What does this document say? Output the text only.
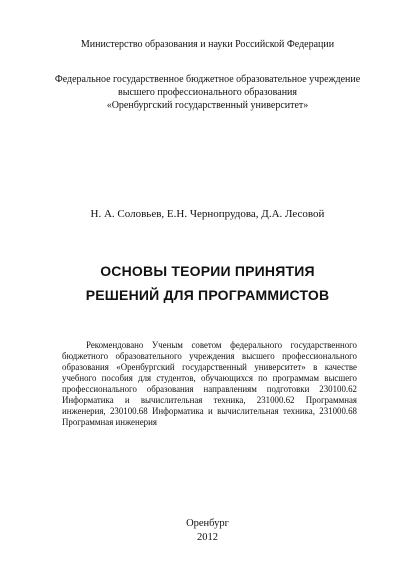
Министерство образования и науки Российской Федерации
Федеральное государственное бюджетное образовательное учреждение
высшего профессионального образования
«Оренбургский государственный университет»
Н. А. Соловьев, Е.Н. Чернопрудова, Д.А. Лесовой
ОСНОВЫ ТЕОРИИ ПРИНЯТИЯ
РЕШЕНИЙ ДЛЯ ПРОГРАММИСТОВ

Рекомендовано Ученым советом федерального государственного бюджетного образовательного учреждения высшего профессионального образования «Оренбургский государственный университет» в качестве учебного пособия для студентов, обучающихся по программам высшего профессионального образования направлениям подготовки 230100.62 Информатика и вычислительная техника, 231000.62 Программная инженерия, 230100.68 Информатика и вычислительная техника, 231000.68 Программная инженерия

Оренбург
2012
